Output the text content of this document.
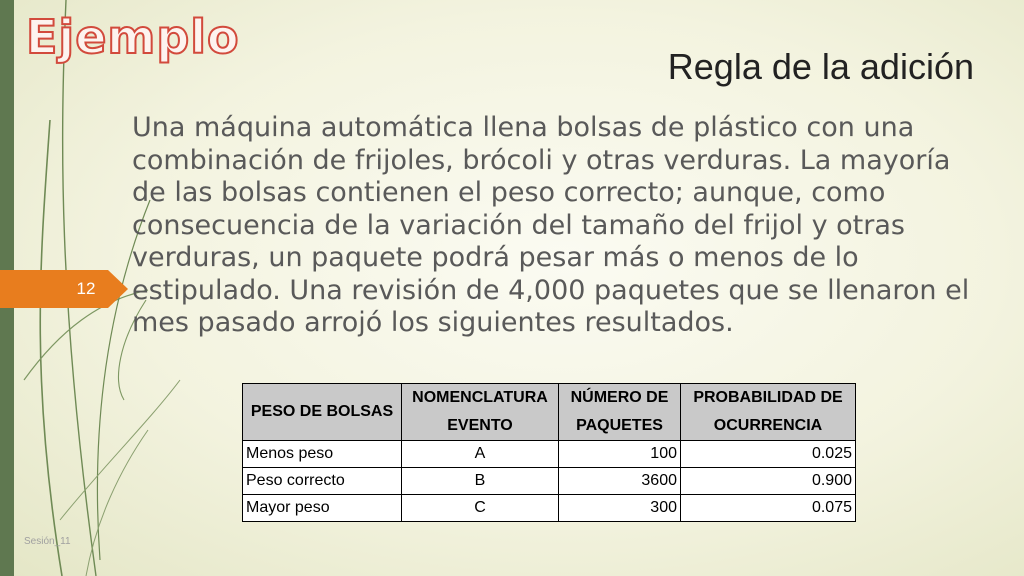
12
Ejemplo
Regla de la adición
Una máquina automática llena bolsas de plástico con una combinación de frijoles, brócoli y otras verduras. La mayoría de las bolsas contienen el peso correcto; aunque, como consecuencia de la variación del tamaño del frijol y otras verduras, un paquete podrá pesar más o menos de lo estipulado. Una revisión de 4,000 paquetes que se llenaron el mes pasado arrojó los siguientes resultados.
PESO DE BOLSAS	NOMENCLATURA EVENTO	NÚMERO DE PAQUETES	PROBABILIDAD DE OCURRENCIA
Menos peso	A	100	0.025
Peso correcto	B	3600	0.900
Mayor peso	C	300	0.075
Sesión_11
